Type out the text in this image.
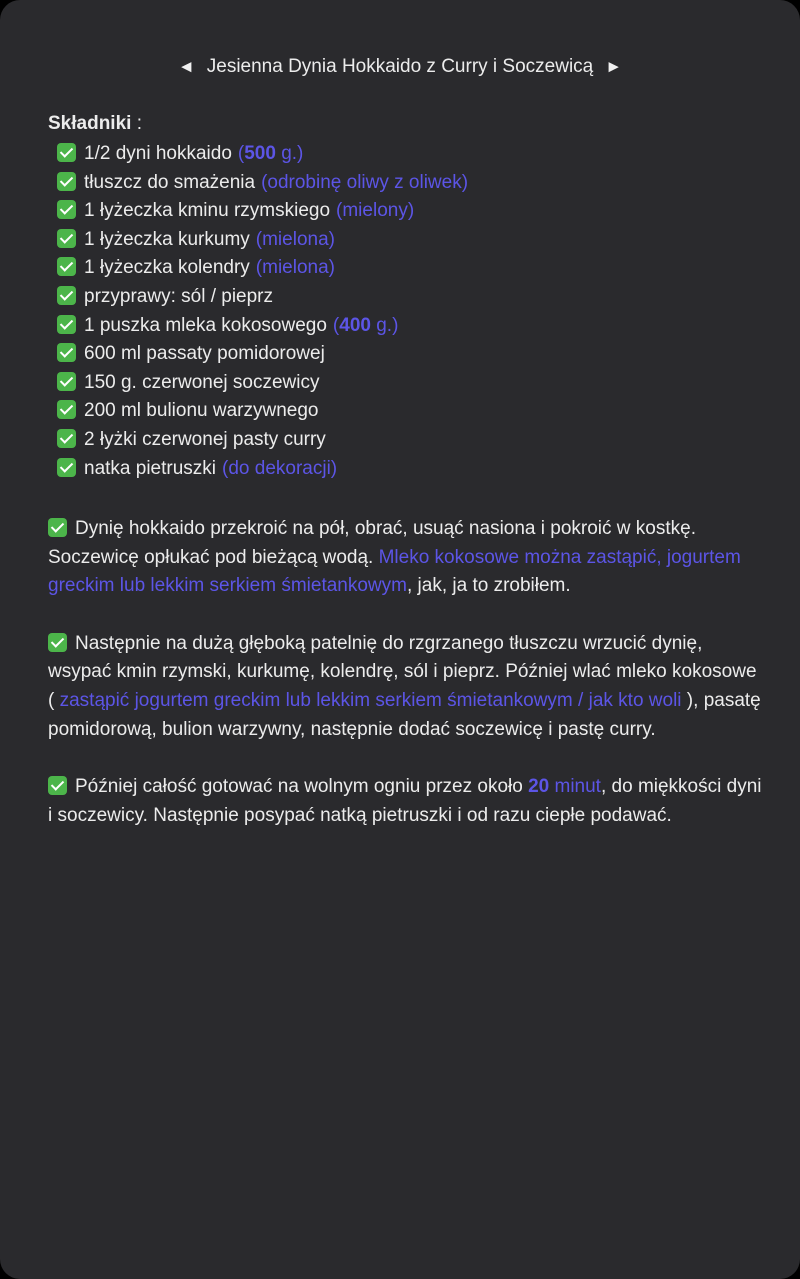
◄ Jesienna Dynia Hokkaido z Curry i Soczewicą ►
Składniki :
1/2 dyni hokkaido (500 g.)
tłuszcz do smażenia (odrobinę oliwy z oliwek)
1 łyżeczka kminu rzymskiego (mielony)
1 łyżeczka kurkumy (mielona)
1 łyżeczka kolendry (mielona)
przyprawy: sól / pieprz
1 puszka mleka kokosowego (400 g.)
600 ml passaty pomidorowej
150 g. czerwonej soczewicy
200 ml bulionu warzywnego
2 łyżki czerwonej pasty curry
natka pietruszki (do dekoracji)

Dynię hokkaido przekroić na pół, obrać, usuąć nasiona i pokroić w kostkę. Soczewicę opłukać pod bieżącą wodą. Mleko kokosowe można zastąpić, jogurtem greckim lub lekkim serkiem śmietankowym, jak, ja to zrobiłem.

Następnie na dużą głęboką patelnię do rzgrzanego tłuszczu wrzucić dynię, wsypać kmin rzymski, kurkumę, kolendrę, sól i pieprz. Później wlać mleko kokosowe ( zastąpić jogurtem greckim lub lekkim serkiem śmietankowym / jak kto woli ), pasatę pomidorową, bulion warzywny, następnie dodać soczewicę i pastę curry.

Później całość gotować na wolnym ogniu przez około 20 minut, do miękkości dyni i soczewicy. Następnie posypać natką pietruszki i od razu ciepłe podawać.
